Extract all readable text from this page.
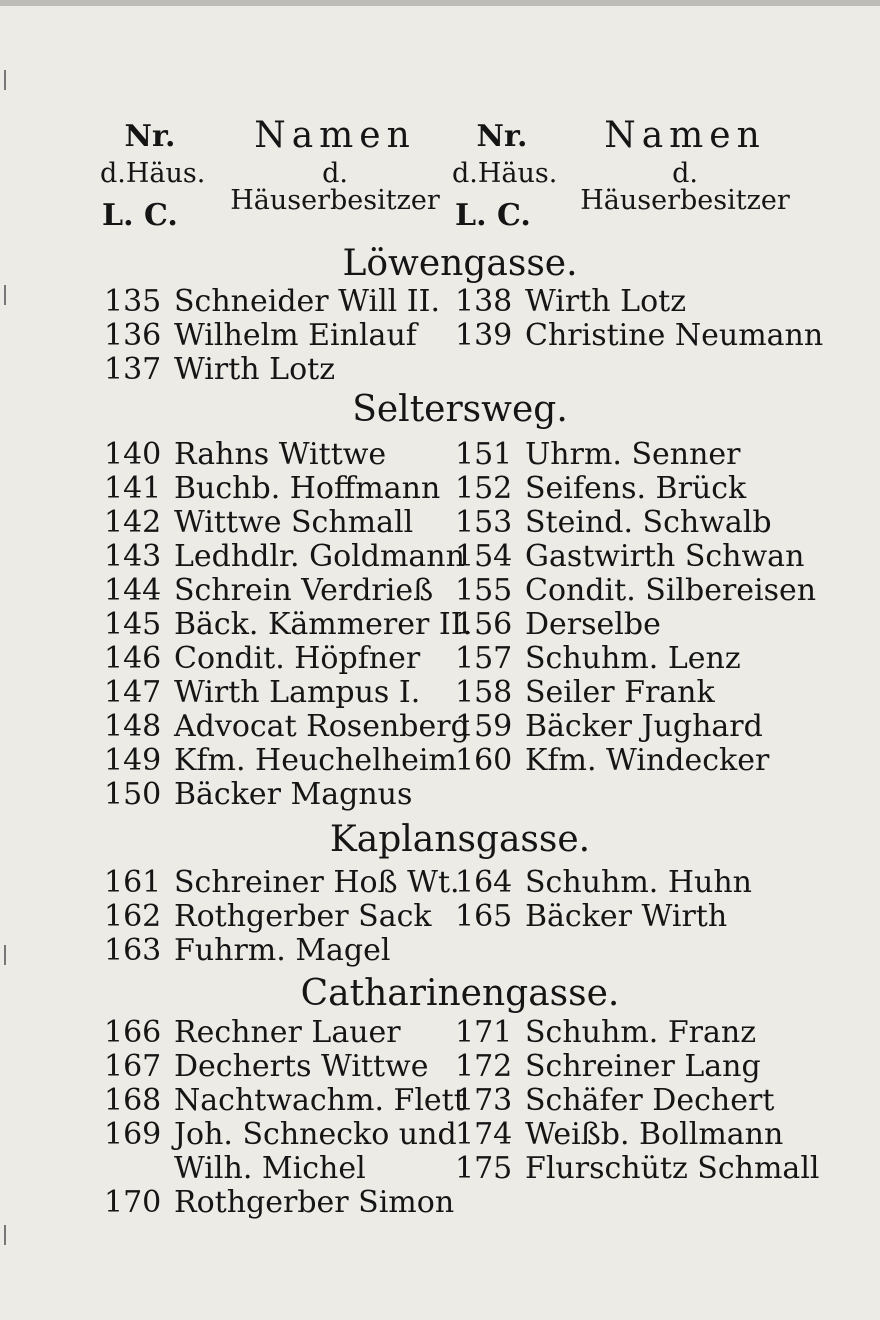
Nr.
d.Häus.
Namen
d. Häuserbesitzer
Nr.
d.Häus.
Namen
d. Häuserbesitzer
L. C.	L. C.
Löwengasse.
135 Schneider Will II.
136 Wilhelm Einlauf
137 Wirth Lotz
138 Wirth Lotz
139 Christine Neumann
Seltersweg.
140 Rahns Wittwe
141 Buchb. Hoffmann
142 Wittwe Schmall
143 Ledhdlr. Goldmann
144 Schrein Verdrieß
145 Bäck. Kämmerer II.
146 Condit. Höpfner
147 Wirth Lampus I.
148 Advocat Rosenberg
149 Kfm. Heuchelheim
150 Bäcker Magnus
151 Uhrm. Senner
152 Seifens. Brück
153 Steind. Schwalb
154 Gastwirth Schwan
155 Condit. Silbereisen
156 Derselbe
157 Schuhm. Lenz
158 Seiler Frank
159 Bäcker Jughard
160 Kfm. Windecker
Kaplansgasse.
161 Schreiner Hoß Wt.
162 Rothgerber Sack
163 Fuhrm. Magel
164 Schuhm. Huhn
165 Bäcker Wirth
Catharinengasse.
166 Rechner Lauer
167 Decherts Wittwe
168 Nachtwachm. Flett
169 Joh. Schnecko und
Wilh. Michel
170 Rothgerber Simon
171 Schuhm. Franz
172 Schreiner Lang
173 Schäfer Dechert
174 Weißb. Bollmann
175 Flurschütz Schmall
